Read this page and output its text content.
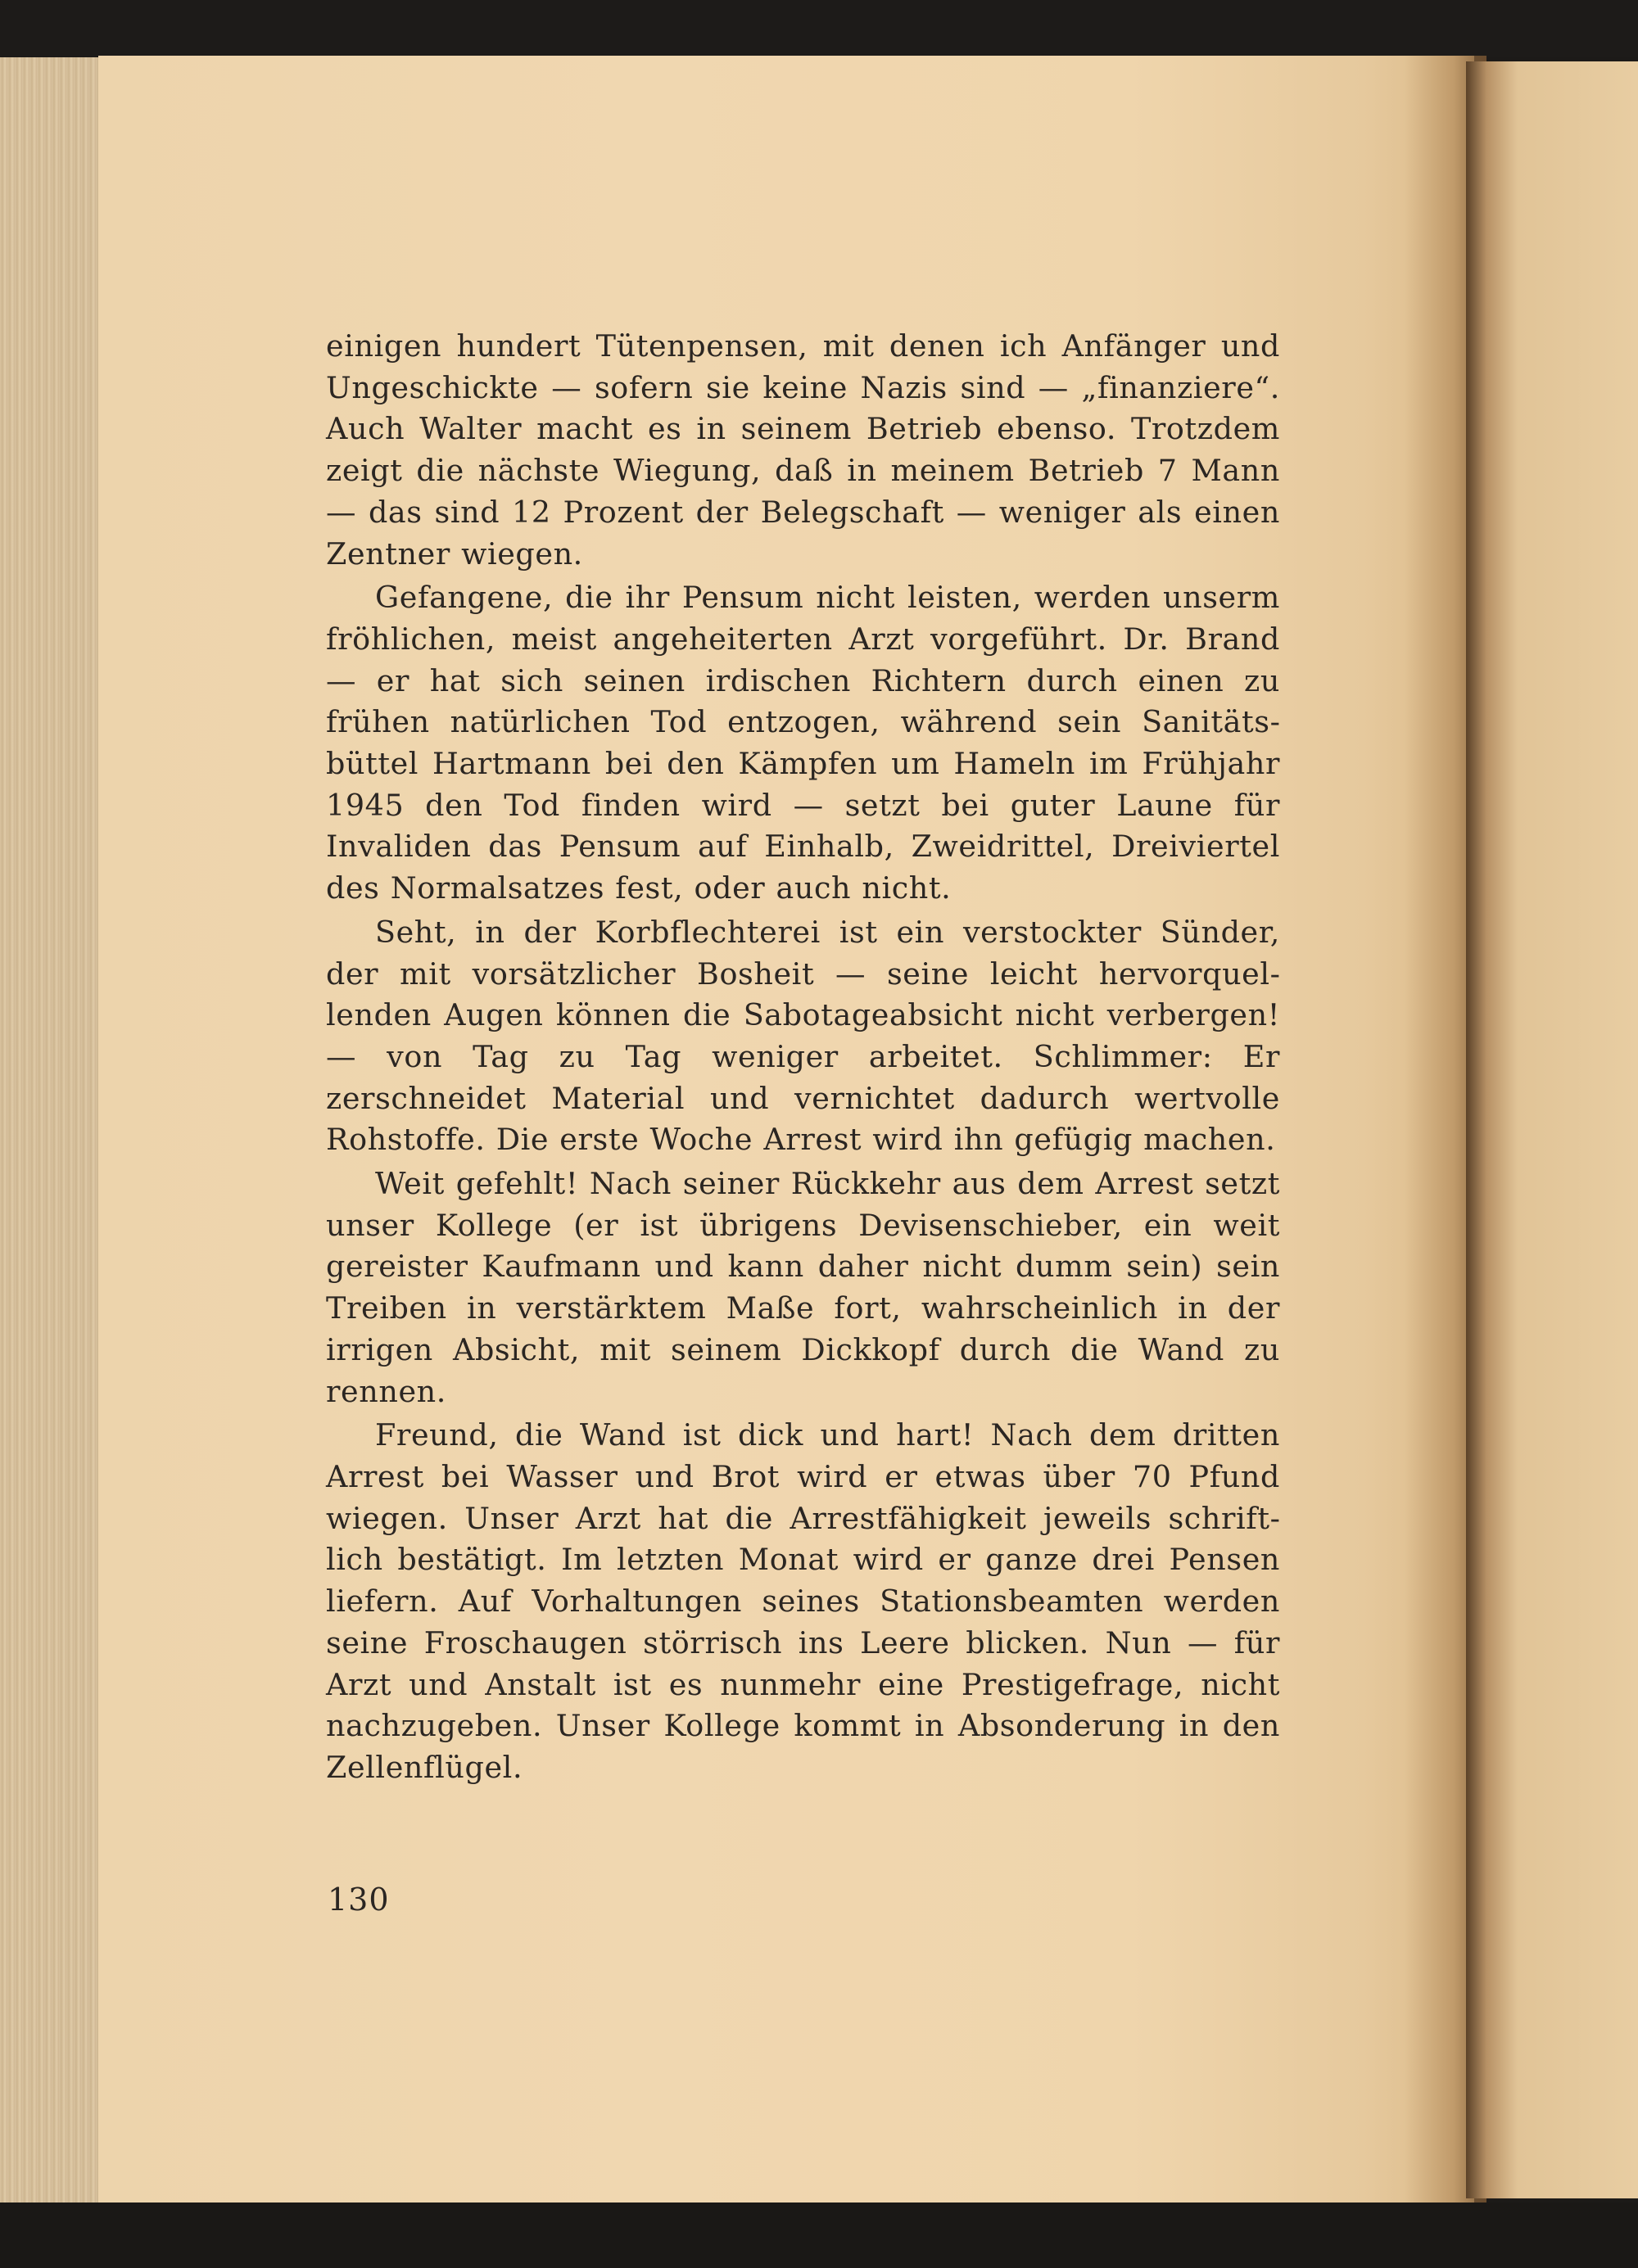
einigen hundert Tütenpensen, mit denen ich Anfänger und Ungeschickte — sofern sie keine Nazis sind — „finanziere“. Auch Walter macht es in seinem Betrieb ebenso. Trotzdem zeigt die nächste Wiegung, daß in meinem Betrieb 7 Mann — das sind 12 Prozent der Belegschaft — weniger als einen Zentner wiegen.

Gefangene, die ihr Pensum nicht leisten, werden unserm fröhlichen, meist angeheiterten Arzt vorgeführt. Dr. Brand — er hat sich seinen irdischen Richtern durch einen zu frühen natürlichen Tod entzogen, während sein Sanitätsbüttel Hartmann bei den Kämpfen um Hameln im Frühjahr 1945 den Tod finden wird — setzt bei guter Laune für Invaliden das Pensum auf Einhalb, Zweidrittel, Dreiviertel des Normalsatzes fest, oder auch nicht.

Seht, in der Korbflechterei ist ein verstockter Sünder, der mit vorsätzlicher Bosheit — seine leicht hervorquellenden Augen können die Sabotageabsicht nicht verbergen! — von Tag zu Tag weniger arbeitet. Schlimmer: Er zerschneidet Material und vernichtet dadurch wertvolle Rohstoffe. Die erste Woche Arrest wird ihn gefügig machen.

Weit gefehlt! Nach seiner Rückkehr aus dem Arrest setzt unser Kollege (er ist übrigens Devisenschieber, ein weit gereister Kaufmann und kann daher nicht dumm sein) sein Treiben in verstärktem Maße fort, wahrscheinlich in der irrigen Absicht, mit seinem Dickkopf durch die Wand zu rennen.

Freund, die Wand ist dick und hart! Nach dem dritten Arrest bei Wasser und Brot wird er etwas über 70 Pfund wiegen. Unser Arzt hat die Arrestfähigkeit jeweils schriftlich bestätigt. Im letzten Monat wird er ganze drei Pensen liefern. Auf Vorhaltungen seines Stationsbeamten werden seine Froschaugen störrisch ins Leere blicken. Nun — für Arzt und Anstalt ist es nunmehr eine Prestigefrage, nicht nachzugeben. Unser Kollege kommt in Absonderung in den Zellenflügel.

130
